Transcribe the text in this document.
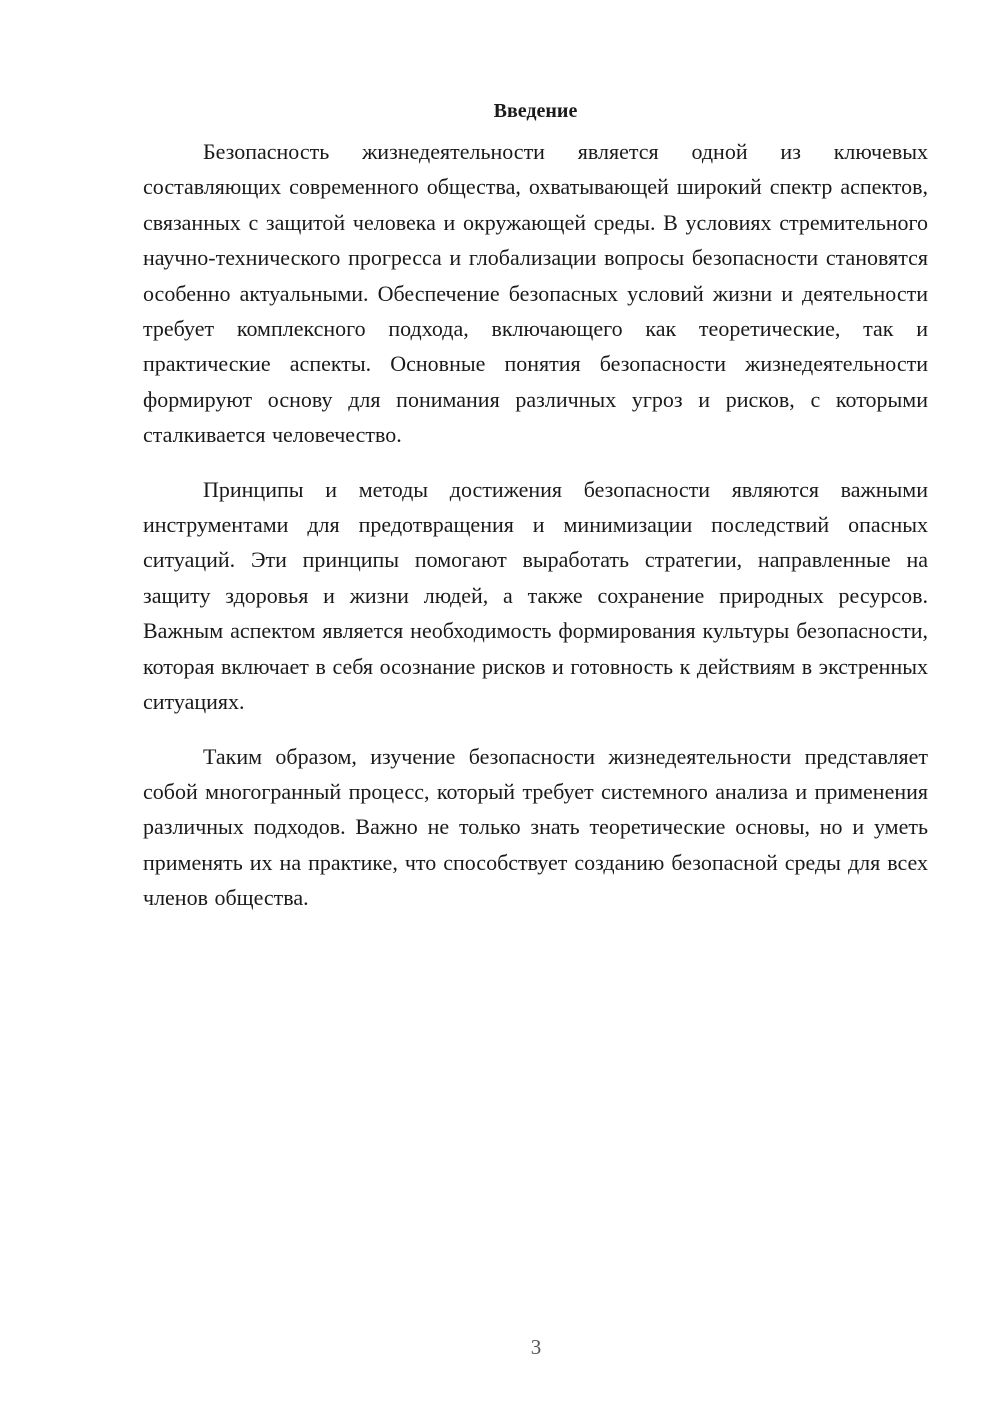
Введение

Безопасность жизнедеятельности является одной из ключевых составляющих современного общества, охватывающей широкий спектр аспектов, связанных с защитой человека и окружающей среды. В условиях стремительного научно-технического прогресса и глобализации вопросы безопасности становятся особенно актуальными. Обеспечение безопасных условий жизни и деятельности требует комплексного подхода, включающего как теоретические, так и практические аспекты. Основные понятия безопасности жизнедеятельности формируют основу для понимания различных угроз и рисков, с которыми сталкивается человечество.

Принципы и методы достижения безопасности являются важными инструментами для предотвращения и минимизации последствий опасных ситуаций. Эти принципы помогают выработать стратегии, направленные на защиту здоровья и жизни людей, а также сохранение природных ресурсов. Важным аспектом является необходимость формирования культуры безопасности, которая включает в себя осознание рисков и готовность к действиям в экстренных ситуациях.

Таким образом, изучение безопасности жизнедеятельности представляет собой многогранный процесс, который требует системного анализа и применения различных подходов. Важно не только знать теоретические основы, но и уметь применять их на практике, что способствует созданию безопасной среды для всех членов общества.

3
